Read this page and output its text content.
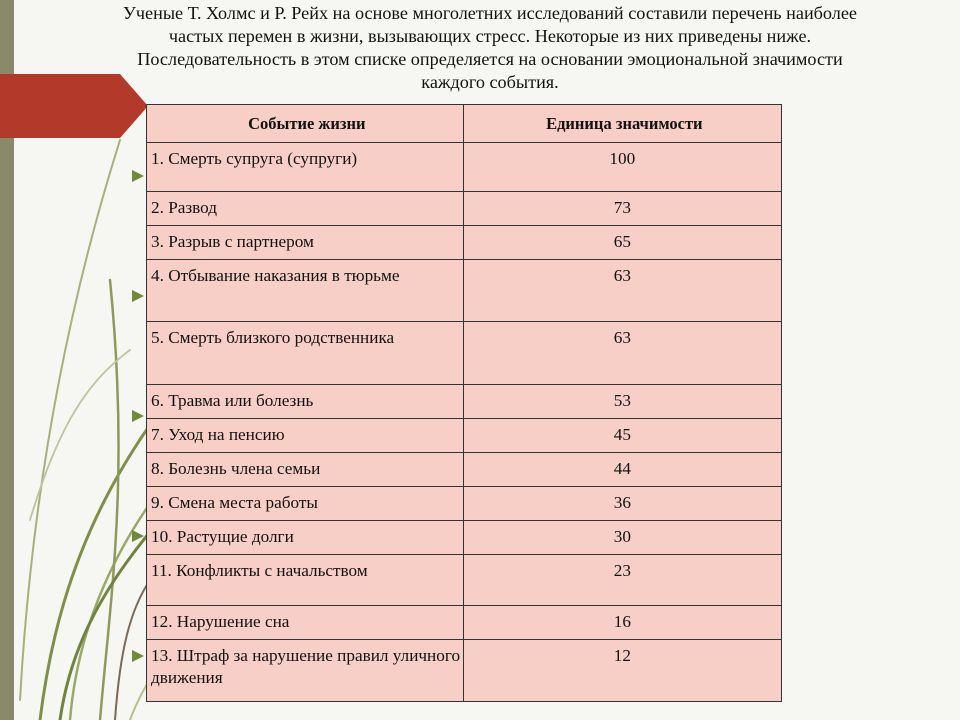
Ученые Т. Холмс и Р. Рейх на основе многолетних исследований составили перечень наиболее
частых перемен в жизни, вызывающих стресс. Некоторые из них приведены ниже.
Последовательность в этом списке определяется на основании эмоциональной значимости
каждого события.
Событие жизни	Единица значимости
1. Смерть супруга (супруги)	100
2. Развод	73
3. Разрыв с партнером	65
4. Отбывание наказания в тюрьме	63
5. Смерть близкого родственника	63
6. Травма или болезнь	53
7. Уход на пенсию	45
8. Болезнь члена семьи	44
9. Смена места работы	36
10. Растущие долги	30
11. Конфликты с начальством	23
12. Нарушение сна	16
13. Штраф за нарушение правил уличного движения	12
